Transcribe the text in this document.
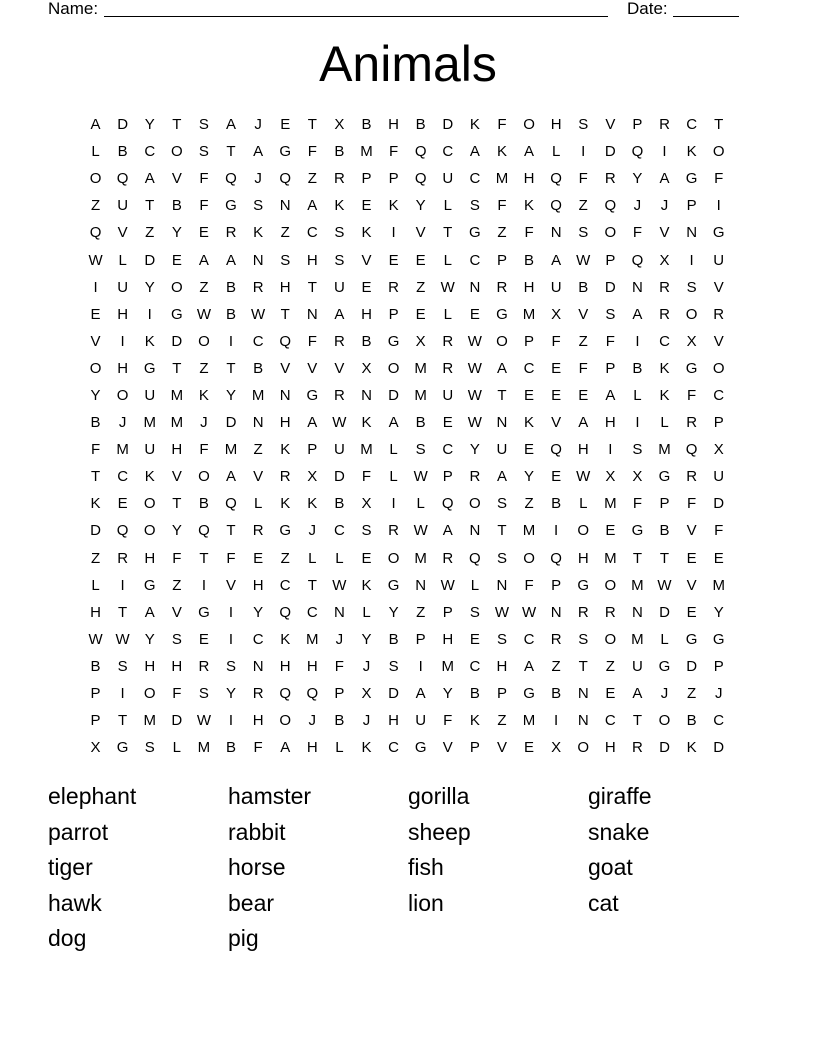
Name:	Date:
Animals
A	D	Y	T	S	A	J	E	T	X	B	H	B	D	K	F	O	H	S	V	P	R	C	T
L	B	C	O	S	T	A	G	F	B	M	F	Q	C	A	K	A	L	I	D	Q	I	K	O
O	Q	A	V	F	Q	J	Q	Z	R	P	P	Q	U	C	M	H	Q	F	R	Y	A	G	F
Z	U	T	B	F	G	S	N	A	K	E	K	Y	L	S	F	K	Q	Z	Q	J	J	P	I
Q	V	Z	Y	E	R	K	Z	C	S	K	I	V	T	G	Z	F	N	S	O	F	V	N	G
W	L	D	E	A	A	N	S	H	S	V	E	E	L	C	P	B	A	W	P	Q	X	I	U
I	U	Y	O	Z	B	R	H	T	U	E	R	Z	W N	R	H	U	B	D	N	R	S	V
E	H	I	G W	B	W	T	N	A	H	P	E	L	E	G	M	X	V	S	A	R	O	R
V	I	K	D	O	I	C	Q	F	R	B	G	X	R W O	P	F	Z	F	I	C	X	V
O	H	G	T	Z	T	B	V	V	V	X	O	M	R W	A	C	E	F	P	B	K	G	O
Y	O	U	M	K	Y	M	N	G	R	N	D	M	U W	T	E	E	E	A	L	K	F	C
B	J	M M	J	D	N	H	A	W	K	A	B	E	W N	K	V	A	H	I	L	R	P
F	M	U	H	F	M	Z	K	P	U	M	L	S	C	Y	U	E	Q	H	I	S	M	Q	X
T	C	K	V	O	A	V	R	X	D	F	L	W	P	R	A	Y	E	W	X	X	G	R	U
K	E	O	T	B	Q	L	K	K	B	X	I	L	Q	O	S	Z	B	L	M	F	P	F	D
D	Q	O	Y	Q	T	R	G	J	C	S	R W	A	N	T	M	I	O	E	G	B	V	F
Z	R	H	F	T	F	E	Z	L	L	E	O	M	R	Q	S	O	Q	H	M	T	T	E	E
L	I	G	Z	I	V	H	C	T	W	K	G	N W	L	N	F	P	G	O	M W	V	M
H	T	A	V	G	I	Y	Q	C	N	L	Y	Z	P	S	W W N	R	R	N	D	E	Y
W W	Y	S	E	I	C	K	M	J	Y	B	P	H	E	S	C	R	S	O	M	L	G	G
B	S	H	H	R	S	N	H	H	F	J	S	I	M	C	H	A	Z	T	Z	U	G	D	P
P	I	O	F	S	Y	R	Q	Q	P	X	D	A	Y	B	P	G	B	N	E	A	J	Z	J
P	T	M	D W	I	H	O	J	B	J	H	U	F	K	Z	M	I	N	C	T	O	B	C
X	G	S	L	M	B	F	A	H	L	K	C	G	V	P	V	E	X	O	H	R	D	K	D
elephant	hamster	gorilla	giraffe
parrot	rabbit	sheep	snake
tiger	horse	fish	goat
hawk	bear	lion	cat
dog	pig
